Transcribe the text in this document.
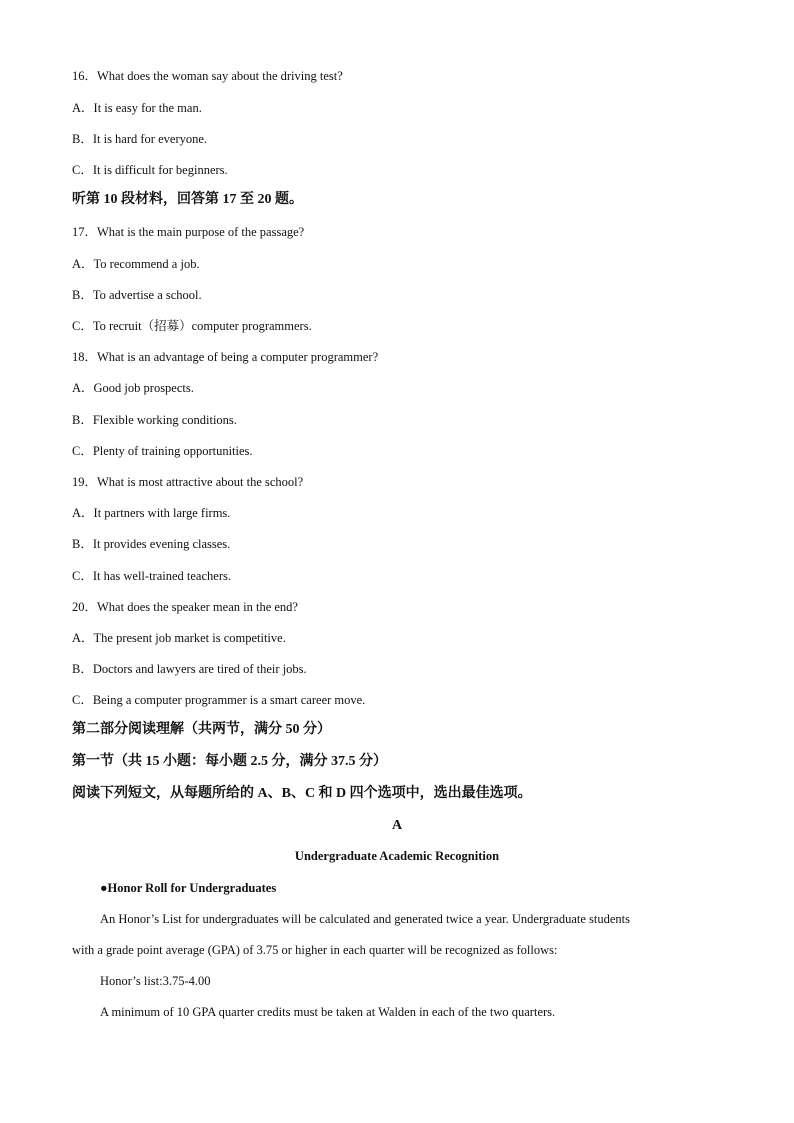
16．What does the woman say about the driving test?
A．It is easy for the man.
B．It is hard for everyone.
C．It is difficult for beginners.
听第 10 段材料，回答第 17 至 20 题。
17．What is the main purpose of the passage?
A．To recommend a job.
B．To advertise a school.
C．To recruit（招募）computer programmers.
18．What is an advantage of being a computer programmer?
A．Good job prospects.
B．Flexible working conditions.
C．Plenty of training opportunities.
19．What is most attractive about the school?
A．It partners with large firms.
B．It provides evening classes.
C．It has well-trained teachers.
20．What does the speaker mean in the end?
A．The present job market is competitive.
B．Doctors and lawyers are tired of their jobs.
C．Being a computer programmer is a smart career move.
第二部分阅读理解（共两节，满分 50 分）
第一节（共 15 小题：每小题 2.5 分，满分 37.5 分）
阅读下列短文，从每题所给的 A、B、C 和 D 四个选项中，选出最佳选项。
A
Undergraduate Academic Recognition
●Honor Roll for Undergraduates
An Honor’s List for undergraduates will be calculated and generated twice a year. Undergraduate students
with a grade point average (GPA) of 3.75 or higher in each quarter will be recognized as follows:
Honor’s list:3.75-4.00
A minimum of 10 GPA quarter credits must be taken at Walden in each of the two quarters.
